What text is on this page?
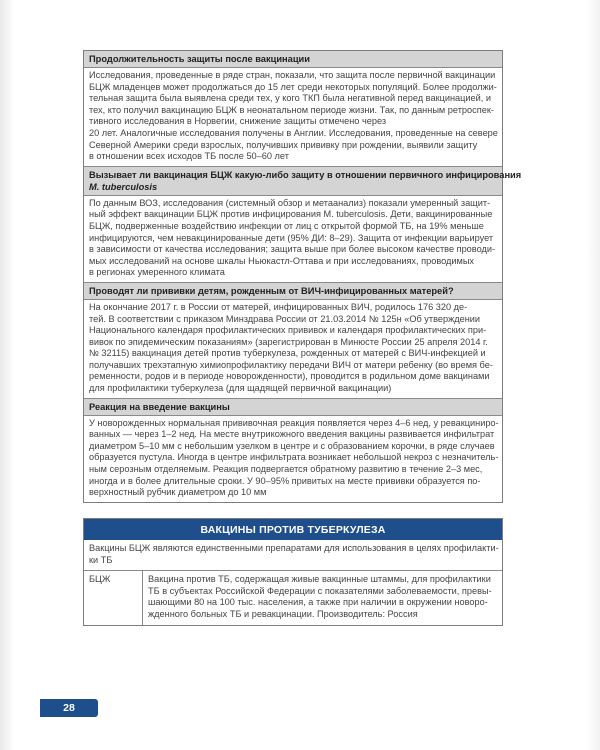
Продолжительность защиты после вакцинации
Исследования, проведенные в ряде стран, показали, что защита после первичной вакцинации
БЦЖ младенцев может продолжаться до 15 лет среди некоторых популяций. Более продолжи-
тельная защита была выявлена среди тех, у кого ТКП была негативной перед вакцинацией, и
тех, кто получил вакцинацию БЦЖ в неонатальном периоде жизни. Так, по данным ретроспек-
тивного исследования в Норвегии, снижение защиты отмечено через
20 лет. Аналогичные исследования получены в Англии. Исследования, проведенные на севере
Северной Америки среди взрослых, получивших прививку при рождении, выявили защиту
в отношении всех исходов ТБ после 50–60 лет
Вызывает ли вакцинация БЦЖ какую-либо защиту в отношении первичного инфицирования
M. tuberculosis
По данным ВОЗ, исследования (системный обзор и метаанализ) показали умеренный защит-
ный эффект вакцинации БЦЖ против инфицирования M. tuberculosis. Дети, вакцинированные
БЦЖ, подверженные воздействию инфекции от лиц с открытой формой ТБ, на 19% меньше
инфицируются, чем невакцинированные дети (95% ДИ: 8–29). Защита от инфекции варьирует
в зависимости от качества исследования; защита выше при более высоком качестве проводи-
мых исследований на основе шкалы Ньюкастл-Оттава и при исследованиях, проводимых
в регионах умеренного климата
Проводят ли прививки детям, рожденным от ВИЧ-инфицированных матерей?
На окончание 2017 г. в России от матерей, инфицированных ВИЧ, родилось 176 320 де-
тей. В соответствии с приказом Минздрава России от 21.03.2014 № 125н «Об утверждении
Национального календаря профилактических прививок и календаря профилактических при-
вивок по эпидемическим показаниям» (зарегистрирован в Минюсте России 25 апреля 2014 г.
№ 32115) вакцинация детей против туберкулеза, рожденных от матерей с ВИЧ-инфекцией и
получавших трехэтапную химиопрофилактику передачи ВИЧ от матери ребенку (во время бе-
ременности, родов и в периоде новорожденности), проводится в родильном доме вакцинами
для профилактики туберкулеза (для щадящей первичной вакцинации)
Реакция на введение вакцины
У новорожденных нормальная прививочная реакция появляется через 4–6 нед, у ревакциниро-
ванных — через 1–2 нед. На месте внутрикожного введения вакцины развивается инфильтрат
диаметром 5–10 мм с небольшим узелком в центре и с образованием корочки, в ряде случаев
образуется пустула. Иногда в центре инфильтрата возникает небольшой некроз с незначитель-
ным серозным отделяемым. Реакция подвергается обратному развитию в течение 2–3 мес,
иногда и в более длительные сроки. У 90–95% привитых на месте прививки образуется по-
верхностный рубчик диаметром до 10 мм
ВАКЦИНЫ ПРОТИВ ТУБЕРКУЛЕЗА
Вакцины БЦЖ являются единственными препаратами для использования в целях профилакти-
ки ТБ
БЦЖ	Вакцина против ТБ, содержащая живые вакцинные штаммы, для профилактики
ТБ в субъектах Российской Федерации с показателями заболеваемости, превы-
шающими 80 на 100 тыс. населения, а также при наличии в окружении новорo-
жденного больных ТБ и ревакцинации. Производитель: Россия
28
